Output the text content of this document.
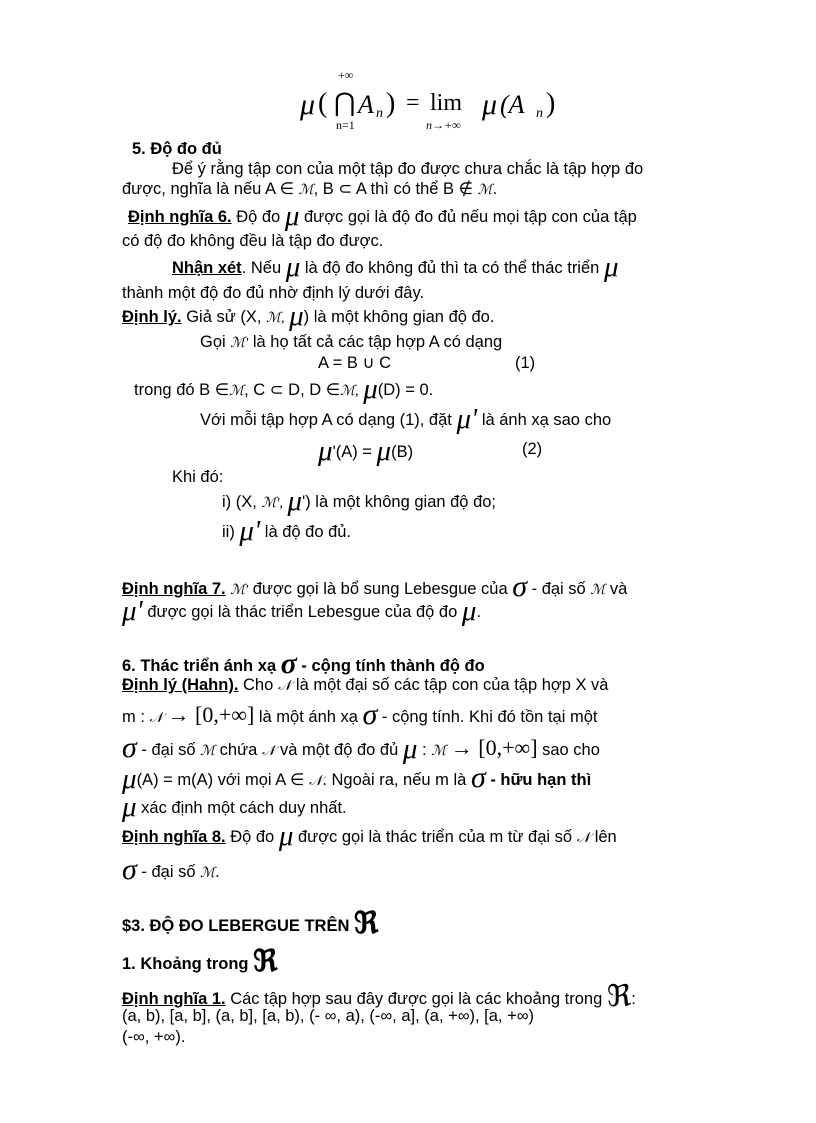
μ (
+∞
⋂
n=1
A n ) = lim
n→+∞
μ (A n )
5. Độ đo đủ
Để ý rằng tập con của một tập đo được chưa chắc là tập hợp đo
được, nghĩa là nếu A ∈ ℳ, B ⊂ A thì có thể B ∉ ℳ.
Định nghĩa 6. Độ đo μ được gọi là độ đo đủ nếu mọi tập con của tập
có độ đo không đều là tập đo được.
Nhận xét. Nếu μ là độ đo không đủ thì ta có thể thác triển μ
thành một độ đo đủ nhờ định lý dưới đây.
Định lý. Giả sử (X, ℳ, μ) là một không gian độ đo.
Gọi ℳ' là họ tất cả các tập hợp A có dạng
A = B ∪ C	(1)
trong đó B ∈ℳ, C ⊂ D, D ∈ℳ, μ(D) = 0.
Với mỗi tập hợp A có dạng (1), đặt μ' là ánh xạ sao cho
μ'(A) = μ(B)	(2)
Khi đó:
i) (X, ℳ', μ') là một không gian độ đo;
ii) μ' là độ đo đủ.
Định nghĩa 7. ℳ' được gọi là bổ sung Lebesgue của σ - đại số ℳ và
μ' được gọi là thác triển Lebesgue của độ đo μ.
6. Thác triển ánh xạ σ - cộng tính thành độ đo
Định lý (Hahn). Cho 𝒩 là một đại số các tập con của tập hợp X và
m : 𝒩 → [0,+∞] là một ánh xạ σ - cộng tính. Khi đó tồn tại một
σ - đại số ℳ chứa 𝒩 và một độ đo đủ μ : ℳ → [0,+∞] sao cho
μ(A) = m(A) với mọi A ∈ 𝒩. Ngoài ra, nếu m là σ - hữu hạn thì
μ xác định một cách duy nhất.
Định nghĩa 8. Độ đo μ được gọi là thác triển của m từ đại số 𝒩 lên
σ - đại số ℳ.
$3. ĐỘ ĐO LEBERGUE TRÊN ℜ
1. Khoảng trong ℜ
Định nghĩa 1. Các tập hợp sau đây được gọi là các khoảng trong ℜ:
(a, b), [a, b], (a, b], [a, b), (- ∞, a), (-∞, a], (a, +∞), [a, +∞)
(-∞, +∞).
